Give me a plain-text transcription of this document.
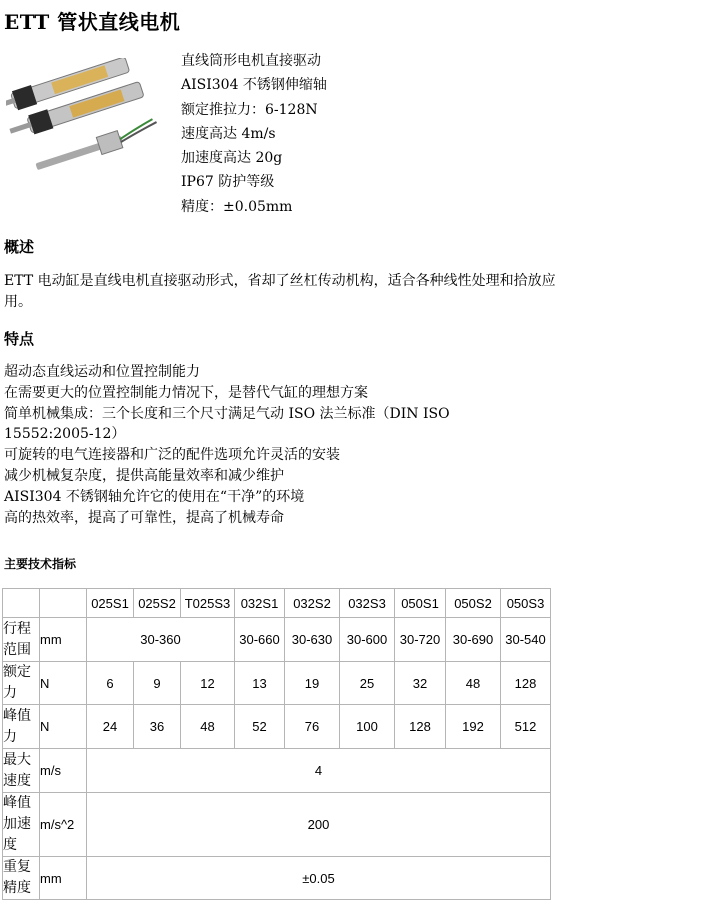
ETT 管状直线电机
直线筒形电机直接驱动
AISI304 不锈钢伸缩轴
额定推拉力：6-128N
速度高达 4m/s
加速度高达 20g
IP67 防护等级
精度：±0.05mm
概述
ETT 电动缸是直线电机直接驱动形式，省却了丝杠传动机构，适合各种线性处理和拾放应用。
特点
超动态直线运动和位置控制能力
在需要更大的位置控制能力情况下，是替代气缸的理想方案
简单机械集成：三个长度和三个尺寸满足气动 ISO 法兰标准（DIN ISO 15552:2005-12）
可旋转的电气连接器和广泛的配件选项允许灵活的安装
减少机械复杂度，提供高能量效率和减少维护
AISI304 不锈钢轴允许它的使用在“干净”的环境
高的热效率，提高了可靠性，提高了机械寿命
主要技术指标
		025S1	025S2	T025S3	032S1	032S2	032S3	050S1	050S2	050S3
行程范围	mm	30-360			30-660	30-630	30-600	30-720	30-690	30-540
额定力	N	6	9	12	13	19	25	32	48	128
峰值力	N	24	36	48	52	76	100	128	192	512
最大速度	m/s	4								
峰值加速度	m/s^2	200								
重复精度	mm	±0.05								
